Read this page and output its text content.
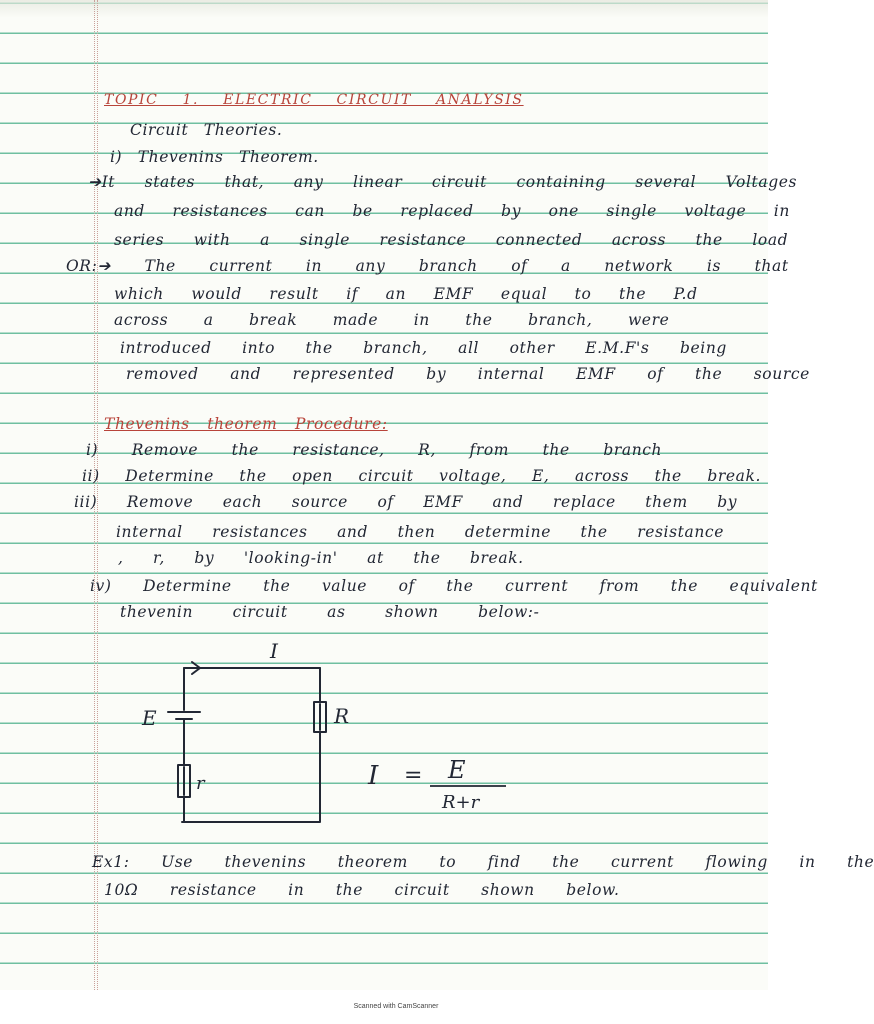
TOPIC 1. ELECTRIC CIRCUIT ANALYSIS
Circuit Theories.
i) Thevenins Theorem.
➔It states that, any linear circuit containing several Voltages
and resistances can be replaced by one single voltage in
series with a single resistance connected across the load
OR:➔ The current in any branch of a network is that
which would result if an EMF equal to the P.d
across a break made in the branch, were
introduced into the branch, all other E.M.F's being
removed and represented by internal EMF of the source
Thevenins theorem Procedure:
i) Remove the resistance, R, from the branch
ii) Determine the open circuit voltage, E, across the break.
iii) Remove each source of EMF and replace them by
internal resistances and then determine the resistance
, r, by 'looking-in' at the break.
iv) Determine the value of the current from the equivalent
thevenin circuit as shown below:-
I
E	R
r	I = E
R+r
Ex1: Use thevenins theorem to find the current flowing in the
10Ω resistance in the circuit shown below.
Scanned with CamScanner
